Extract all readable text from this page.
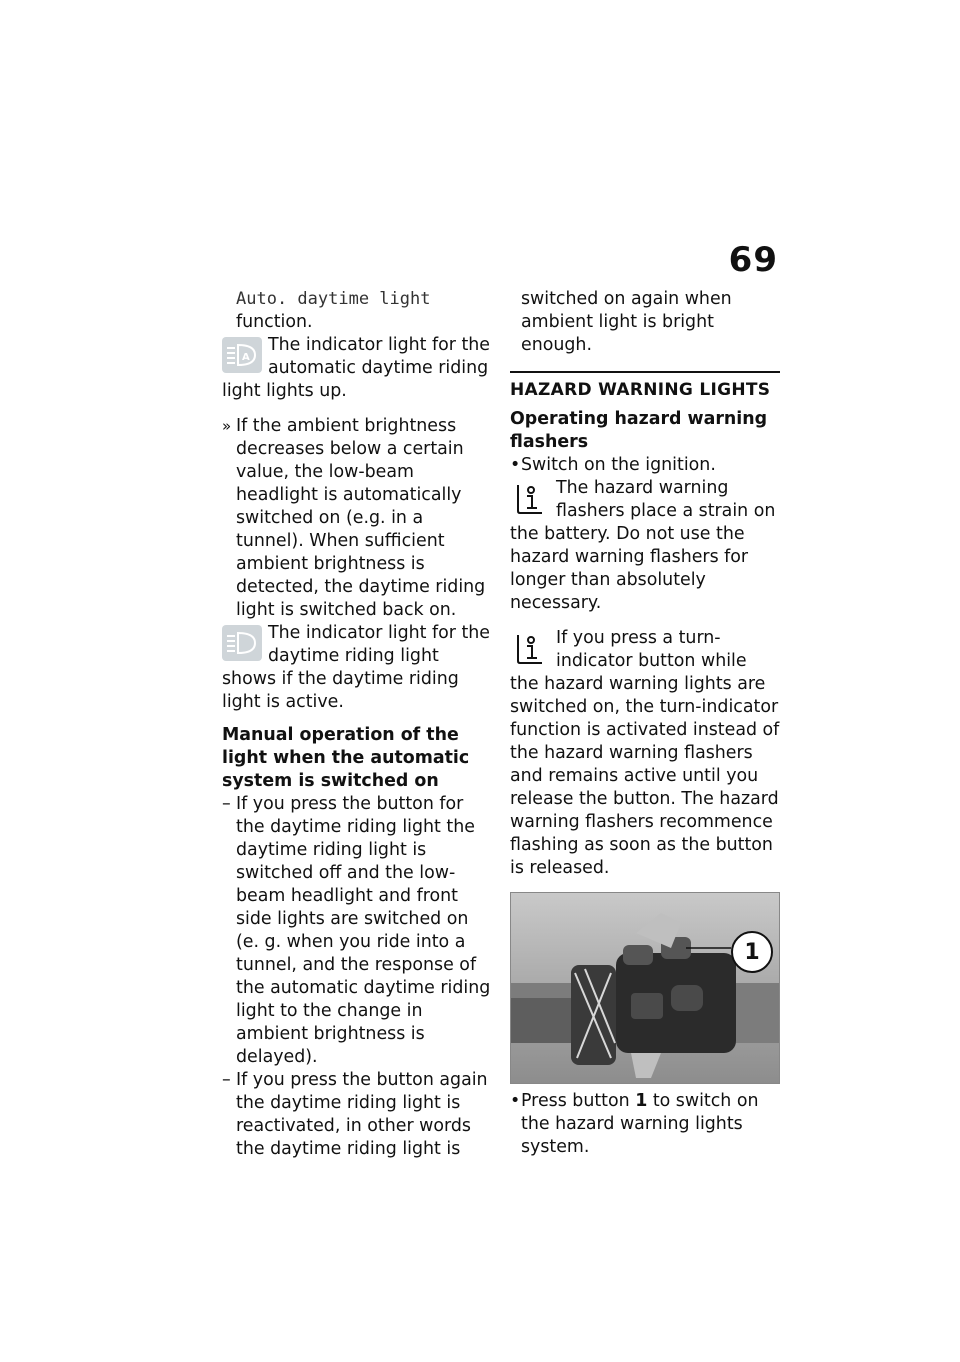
69

Auto. daytime light

function.

A
The indicator light for the automatic daytime riding light lights up.
» If the ambient brightness decreases below a certain value, the low-beam headlight is automatically switched on (e.g. in a tunnel). When sufficient ambient brightness is detected, the daytime riding light is switched back on.
The indicator light for the daytime riding light shows if the daytime riding light is active.

Manual operation of the light when the automatic system is switched on

– If you press the button for the daytime riding light the daytime riding light is switched off and the low-beam headlight and front side lights are switched on (e. g. when you ride into a tunnel, and the response of the automatic daytime riding light to the change in ambient brightness is delayed).
– If you press the button again the daytime riding light is reactivated, in other words the daytime riding light is

switched on again when ambient light is bright enough.

HAZARD WARNING LIGHTS

Operating hazard warning flashers

• Switch on the ignition.
The hazard warning flashers place a strain on the battery. Do not use the hazard warning flashers for longer than absolutely necessary.
If you press a turn-indicator button while the hazard warning lights are switched on, the turn-indicator function is activated instead of the hazard warning flashers and remains active until you release the button. The hazard warning flashers recommence flashing as soon as the button is released.
1
• Press button 1 to switch on the hazard warning lights system.
